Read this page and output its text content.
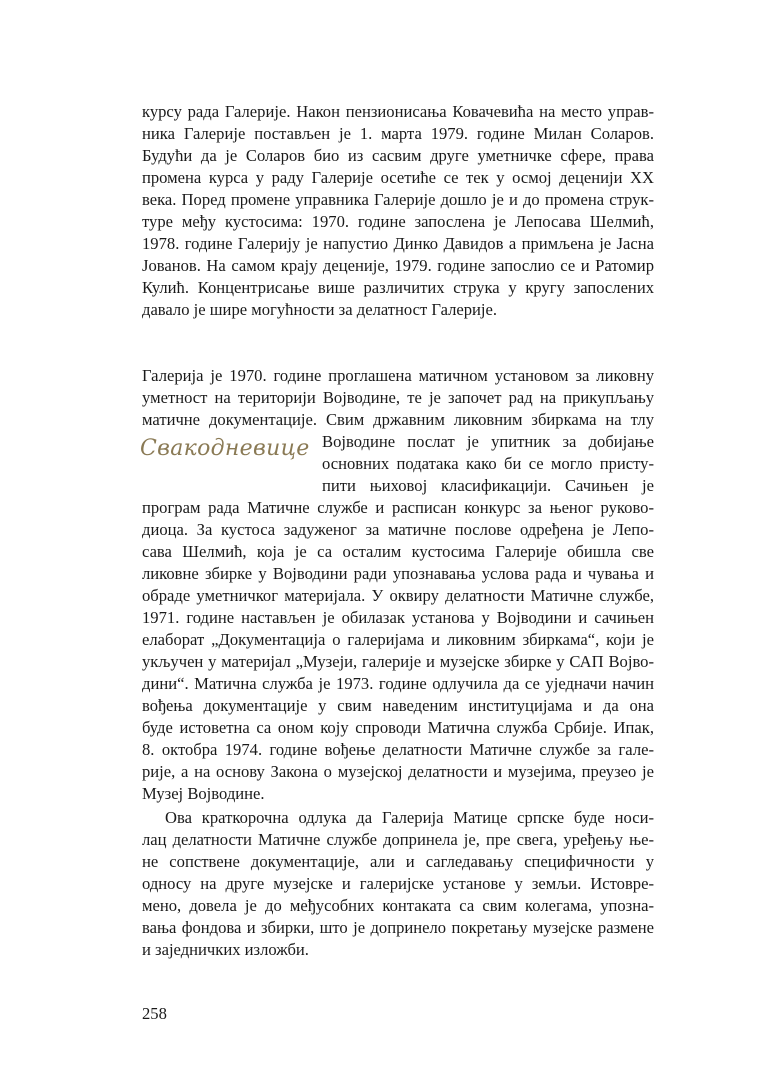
курсу рада Галерије. Након пензионисања Ковачевића на место управ-
ника Галерије постављен је 1. марта 1979. године Милан Соларов.
Будући да је Соларов био из сасвим друге уметничке сфере, права
промена курса у раду Галерије осетиће се тек у осмој деценији XX
века. Поред промене управника Галерије дошло је и до промена струк-
туре међу кустосима: 1970. године запослена је Лепосава Шелмић,
1978. године Галерију је напустио Динко Давидов а примљена је Јасна
Јованов. На самом крају деценије, 1979. године запослио се и Ратомир
Кулић. Концентрисање више различитих струка у кругу запослених
давало је шире могућности за делатност Галерије.
Свакодневице
Галерија је 1970. године проглашена матичном установом за ликовну
уметност на територији Војводине, те је започет рад на прикупљању
матичне документације. Свим државним ликовним збиркама на тлу
Војводине послат је упитник за добијање
основних података како би се могло присту-
пити њиховој класификацији. Сачињен је
програм рада Матичне службе и расписан конкурс за њеног руково-
диоца. За кустоса задуженог за матичне послове одређена је Лепо-
сава Шелмић, која је са осталим кустосима Галерије обишла све
ликовне збирке у Војводини ради упознавања услова рада и чувања и
обраде уметничког материјала. У оквиру делатности Матичне службе,
1971. године настављен је обилазак установа у Војводини и сачињен
елаборат „Документација о галеријама и ликовним збиркама“, који је
укључен у материјал „Музеји, галерије и музејске збирке у САП Војво-
дини“. Матична служба је 1973. године одлучила да се уједначи начин
вођења документације у свим наведеним институцијама и да она
буде истоветна са оном коју спроводи Матична служба Србије. Ипак,
8. октобра 1974. године вођење делатности Матичне службе за гале-
рије, а на основу Закона о музејској делатности и музејима, преузео је
Музеј Војводине.
Ова краткорочна одлука да Галерија Матице српске буде носи-
лац делатности Матичне службе допринела је, пре свега, уређењу ње-
не сопствене документације, али и сагледавању специфичности у
односу на друге музејске и галеријске установе у земљи. Истовре-
мено, довела је до међусобних контаката са свим колегама, упозна-
вања фондова и збирки, што је допринело покретању музејске размене
и заједничких изложби.
258
